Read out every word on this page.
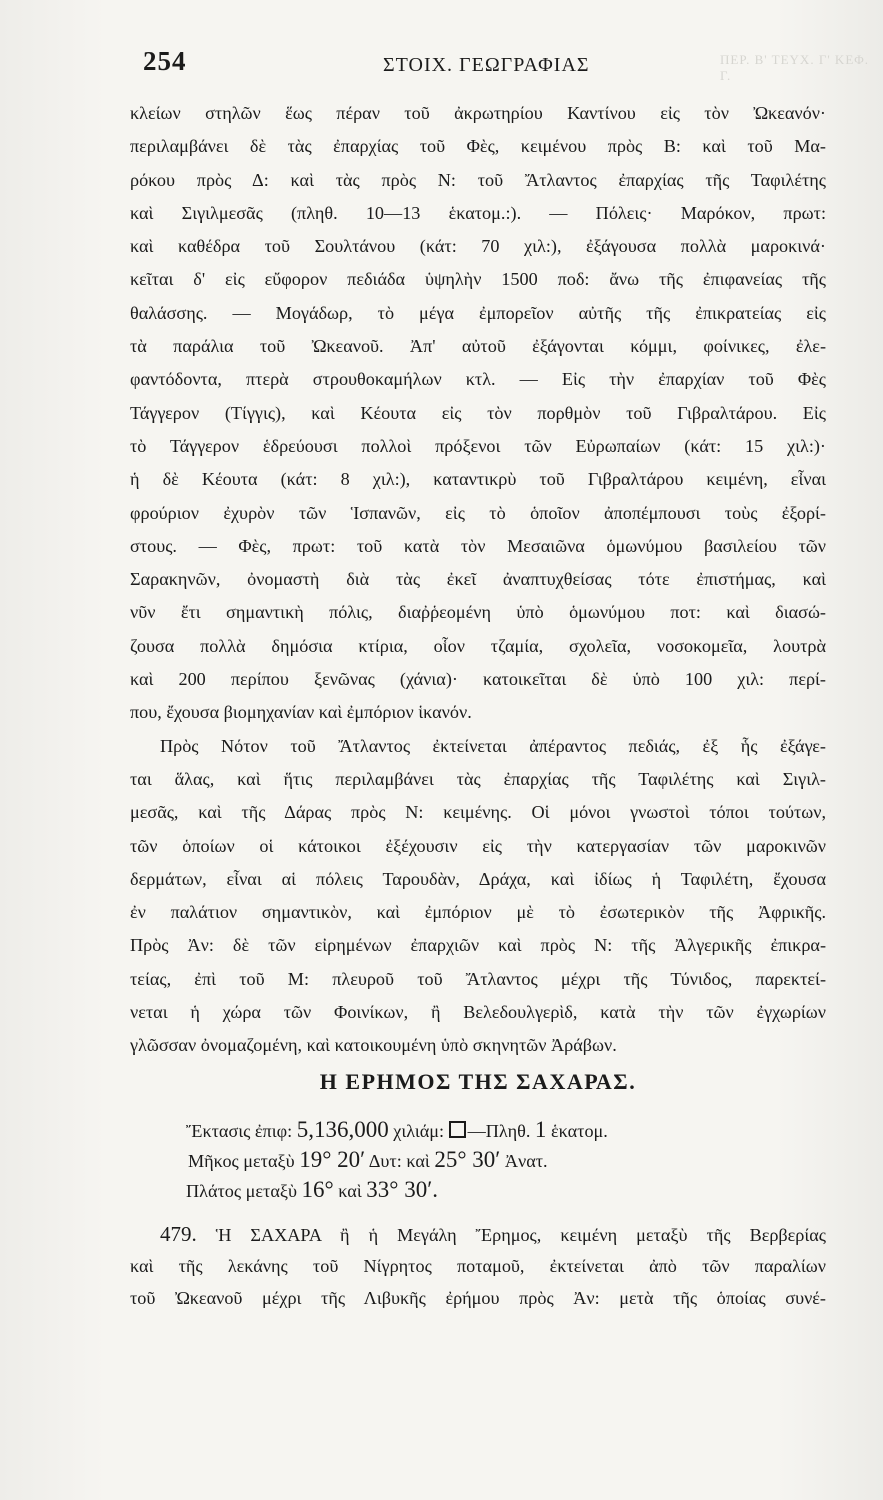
ΠΕΡ. Β' ΤΕΥΧ. Γ' ΚΕΦ. Γ.
254	ΣΤΟΙΧ. ΓΕΩΓΡΑΦΙΑΣ
κλείων στηλῶν ἕως πέραν τοῦ ἀκρωτηρίου Καντίνου εἰς τὸν Ὠκεανόν·
περιλαμβάνει δὲ τὰς ἐπαρχίας τοῦ Φὲς, κειμένου πρὸς Β: καὶ τοῦ Μα-
ρόκου πρὸς Δ: καὶ τὰς πρὸς Ν: τοῦ Ἄτλαντος ἐπαρχίας τῆς Ταφιλέτης
καὶ Σιγιλμεσᾶς (πληθ. 10—13 ἑκατομ.:). — Πόλεις· Μαρόκον, πρωτ:
καὶ καθέδρα τοῦ Σουλτάνου (κάτ: 70 χιλ:), ἐξάγουσα πολλὰ μαροκινά·
κεῖται δ' εἰς εὔφορον πεδιάδα ὑψηλὴν 1500 ποδ: ἄνω τῆς ἐπιφανείας τῆς
θαλάσσης. — Μογάδωρ, τὸ μέγα ἐμπορεῖον αὐτῆς τῆς ἐπικρατείας εἰς
τὰ παράλια τοῦ Ὠκεανοῦ. Ἀπ' αὐτοῦ ἐξάγονται κόμμι, φοίνικες, ἐλε-
φαντόδοντα, πτερὰ στρουθοκαμήλων κτλ. — Εἰς τὴν ἐπαρχίαν τοῦ Φὲς
Τάγγερον (Τίγγις), καὶ Κέουτα εἰς τὸν πορθμὸν τοῦ Γιβραλτάρου. Εἰς
τὸ Τάγγερον ἑδρεύουσι πολλοὶ πρόξενοι τῶν Εὐρωπαίων (κάτ: 15 χιλ:)·
ἡ δὲ Κέουτα (κάτ: 8 χιλ:), καταντικρὺ τοῦ Γιβραλτάρου κειμένη, εἶναι
φρούριον ἐχυρὸν τῶν Ἱσπανῶν, εἰς τὸ ὁποῖον ἀποπέμπουσι τοὺς ἐξορί-
στους. — Φὲς, πρωτ: τοῦ κατὰ τὸν Μεσαιῶνα ὁμωνύμου βασιλείου τῶν
Σαρακηνῶν, ὀνομαστὴ διὰ τὰς ἐκεῖ ἀναπτυχθείσας τότε ἐπιστήμας, καὶ
νῦν ἔτι σημαντικὴ πόλις, διαῤῥεομένη ὑπὸ ὁμωνύμου ποτ: καὶ διασώ-
ζουσα πολλὰ δημόσια κτίρια, οἷον τζαμία, σχολεῖα, νοσοκομεῖα, λουτρὰ
καὶ 200 περίπου ξενῶνας (χάνια)· κατοικεῖται δὲ ὑπὸ 100 χιλ: περί-
που, ἔχουσα βιομηχανίαν καὶ ἐμπόριον ἱκανόν.
Πρὸς Νότον τοῦ Ἄτλαντος ἐκτείνεται ἀπέραντος πεδιάς, ἐξ ἧς ἐξάγε-
ται ἅλας, καὶ ἥτις περιλαμβάνει τὰς ἐπαρχίας τῆς Ταφιλέτης καὶ Σιγιλ-
μεσᾶς, καὶ τῆς Δάρας πρὸς Ν: κειμένης. Οἱ μόνοι γνωστοὶ τόποι τούτων,
τῶν ὁποίων οἱ κάτοικοι ἐξέχουσιν εἰς τὴν κατεργασίαν τῶν μαροκινῶν
δερμάτων, εἶναι αἱ πόλεις Ταρουδὰν, Δράχα, καὶ ἰδίως ἡ Ταφιλέτη, ἔχουσα
ἐν παλάτιον σημαντικὸν, καὶ ἐμπόριον μὲ τὸ ἐσωτερικὸν τῆς Ἀφρικῆς.
Πρὸς Ἀν: δὲ τῶν εἰρημένων ἐπαρχιῶν καὶ πρὸς Ν: τῆς Ἀλγερικῆς ἐπικρα-
τείας, ἐπὶ τοῦ Μ: πλευροῦ τοῦ Ἄτλαντος μέχρι τῆς Τύνιδος, παρεκτεί-
νεται ἡ χώρα τῶν Φοινίκων, ἢ Βελεδουλγερὶδ, κατὰ τὴν τῶν ἐγχωρίων
γλῶσσαν ὀνομαζομένη, καὶ κατοικουμένη ὑπὸ σκηνητῶν Ἀράβων.
Η ΕΡΗΜΟΣ ΤΗΣ ΣΑΧΑΡΑΣ.
Ἔκτασις ἐπιφ: 5,136,000 χιλιάμ: —Πληθ. 1 ἑκατομ.
Μῆκος μεταξὺ 19° 20′ Δυτ: καὶ 25° 30′ Ἀνατ.
Πλάτος μεταξὺ 16° καὶ 33° 30′.
479. Ἡ ΣΑΧΑΡΑ ἢ ἡ Μεγάλη Ἔρημος, κειμένη μεταξὺ τῆς Βερβερίας
καὶ τῆς λεκάνης τοῦ Νίγρητος ποταμοῦ, ἐκτείνεται ἀπὸ τῶν παραλίων
τοῦ Ὠκεανοῦ μέχρι τῆς Λιβυκῆς ἐρήμου πρὸς Ἀν: μετὰ τῆς ὁποίας συνέ-
